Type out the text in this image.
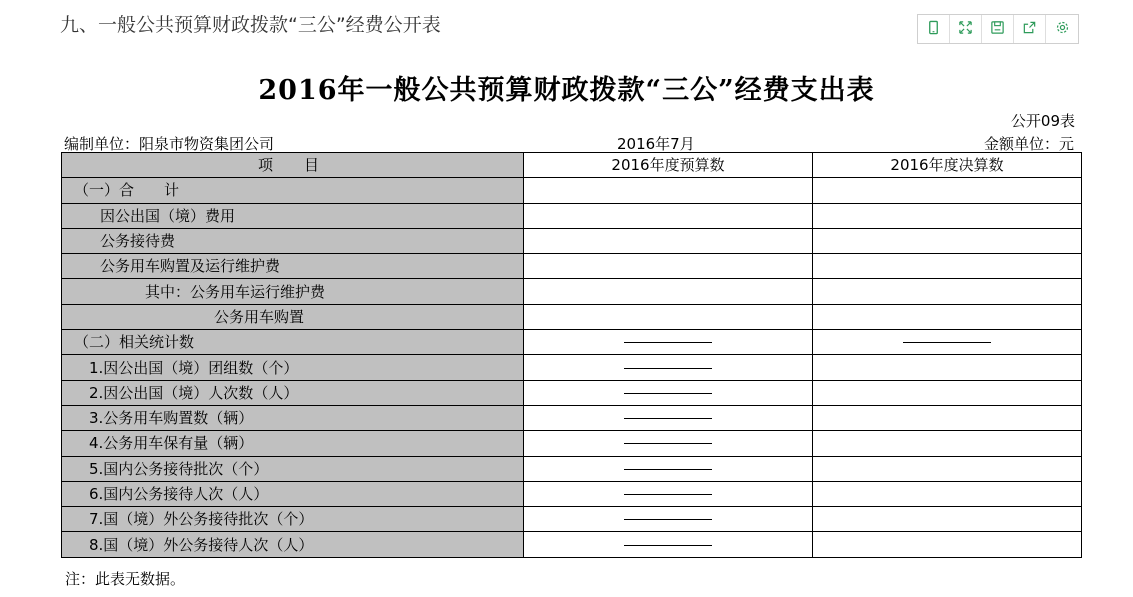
九、一般公共预算财政拨款“三公”经费公开表
2016年一般公共预算财政拨款“三公”经费支出表
公开09表
编制单位：阳泉市物资集团公司	2016年7月	金额单位：元
项　目	2016年度预算数	2016年度决算数
（一）合　　计		
因公出国（境）费用		
公务接待费		
公务用车购置及运行维护费		
其中：公务用车运行维护费		
公务用车购置		
（二）相关统计数		
1.因公出国（境）团组数（个）		
2.因公出国（境）人次数（人）		
3.公务用车购置数（辆）		
4.公务用车保有量（辆）		
5.国内公务接待批次（个）		
6.国内公务接待人次（人）		
7.国（境）外公务接待批次（个）		
8.国（境）外公务接待人次（人）		
注：此表无数据。
